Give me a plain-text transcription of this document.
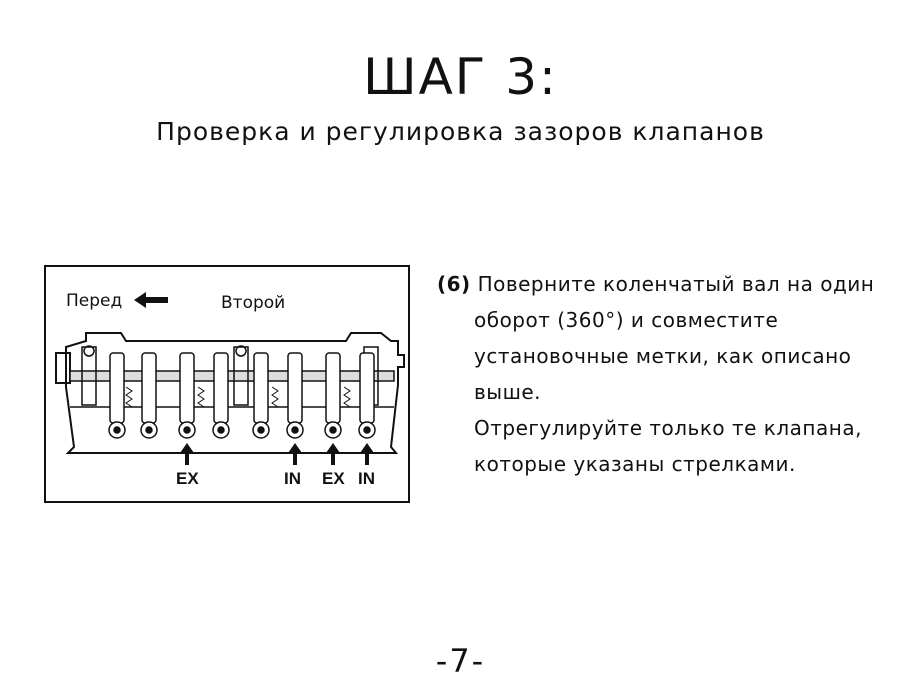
ШАГ 3:
Проверка и регулировка зазоров клапанов
Перед	Второй
EX	IN EX IN
(6) Поверните коленчатый вал на один
оборот (360°) и совместите
установочные метки, как описано
выше.
Отрегулируйте только те клапана,
которые указаны стрелками.
-7-
